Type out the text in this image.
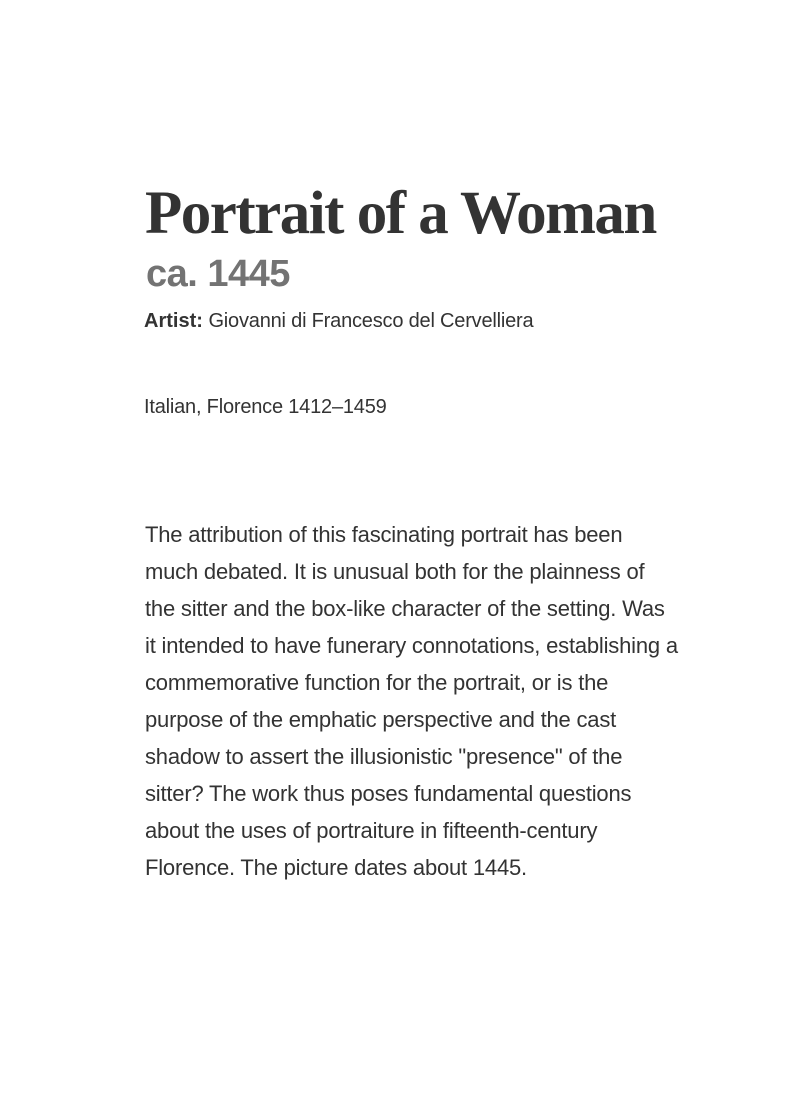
Portrait of a Woman
ca. 1445
Artist: Giovanni di Francesco del Cervelliera
Italian, Florence 1412–1459

The attribution of this fascinating portrait has been much debated. It is unusual both for the plainness of the sitter and the box-like character of the setting. Was it intended to have funerary connotations, establishing a commemorative function for the portrait, or is the purpose of the emphatic perspective and the cast shadow to assert the illusionistic "presence" of the sitter? The work thus poses fundamental questions about the uses of portraiture in fifteenth-century Florence. The picture dates about 1445.
